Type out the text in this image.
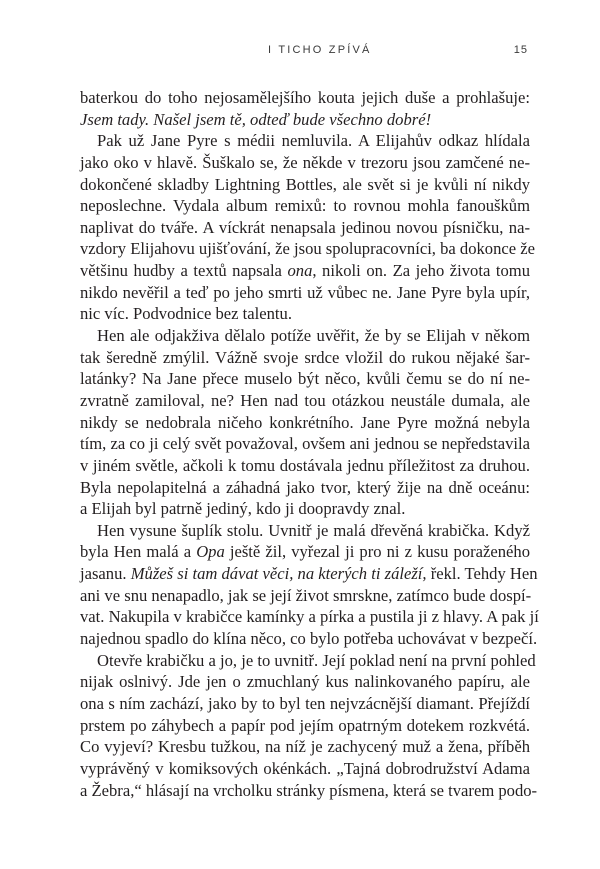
I TICHO ZPÍVÁ	15
baterkou do toho nejosamělejšího kouta jejich duše a prohlašuje:
Jsem tady. Našel jsem tě, odteď bude všechno dobré!
Pak už Jane Pyre s médii nemluvila. A Elijahův odkaz hlídala
jako oko v hlavě. Šuškalo se, že někde v trezoru jsou zamčené ne-
dokončené skladby Lightning Bottles, ale svět si je kvůli ní nikdy
neposlechne. Vydala album remixů: to rovnou mohla fanouškům
naplivat do tváře. A víckrát nenapsala jedinou novou písničku, na-
vzdory Elijahovu ujišťování, že jsou spolupracovníci, ba dokonce že
většinu hudby a textů napsala ona, nikoli on. Za jeho života tomu
nikdo nevěřil a teď po jeho smrti už vůbec ne. Jane Pyre byla upír,
nic víc. Podvodnice bez talentu.
Hen ale odjakživa dělalo potíže uvěřit, že by se Elijah v někom
tak šeredně zmýlil. Vážně svoje srdce vložil do rukou nějaké šar-
latánky? Na Jane přece muselo být něco, kvůli čemu se do ní ne-
zvratně zamiloval, ne? Hen nad tou otázkou neustále dumala, ale
nikdy se nedobrala ničeho konkrétního. Jane Pyre možná nebyla
tím, za co ji celý svět považoval, ovšem ani jednou se nepředstavila
v jiném světle, ačkoli k tomu dostávala jednu příležitost za druhou.
Byla nepolapitelná a záhadná jako tvor, který žije na dně oceánu:
a Elijah byl patrně jediný, kdo ji doopravdy znal.
Hen vysune šuplík stolu. Uvnitř je malá dřevěná krabička. Když
byla Hen malá a Opa ještě žil, vyřezal ji pro ni z kusu poraženého
jasanu. Můžeš si tam dávat věci, na kterých ti záleží, řekl. Tehdy Hen
ani ve snu nenapadlo, jak se její život smrskne, zatímco bude dospí-
vat. Nakupila v krabičce kamínky a pírka a pustila ji z hlavy. A pak jí
najednou spadlo do klína něco, co bylo potřeba uchovávat v bezpečí.
Otevře krabičku a jo, je to uvnitř. Její poklad není na první pohled
nijak oslnivý. Jde jen o zmuchlaný kus nalinkovaného papíru, ale
ona s ním zachází, jako by to byl ten nejvzácnější diamant. Přejíždí
prstem po záhybech a papír pod jejím opatrným dotekem rozkvétá.
Co vyjeví? Kresbu tužkou, na níž je zachycený muž a žena, příběh
vyprávěný v komiksových okénkách. „Tajná dobrodružství Adama
a Žebra,“ hlásají na vrcholku stránky písmena, která se tvarem podo-
